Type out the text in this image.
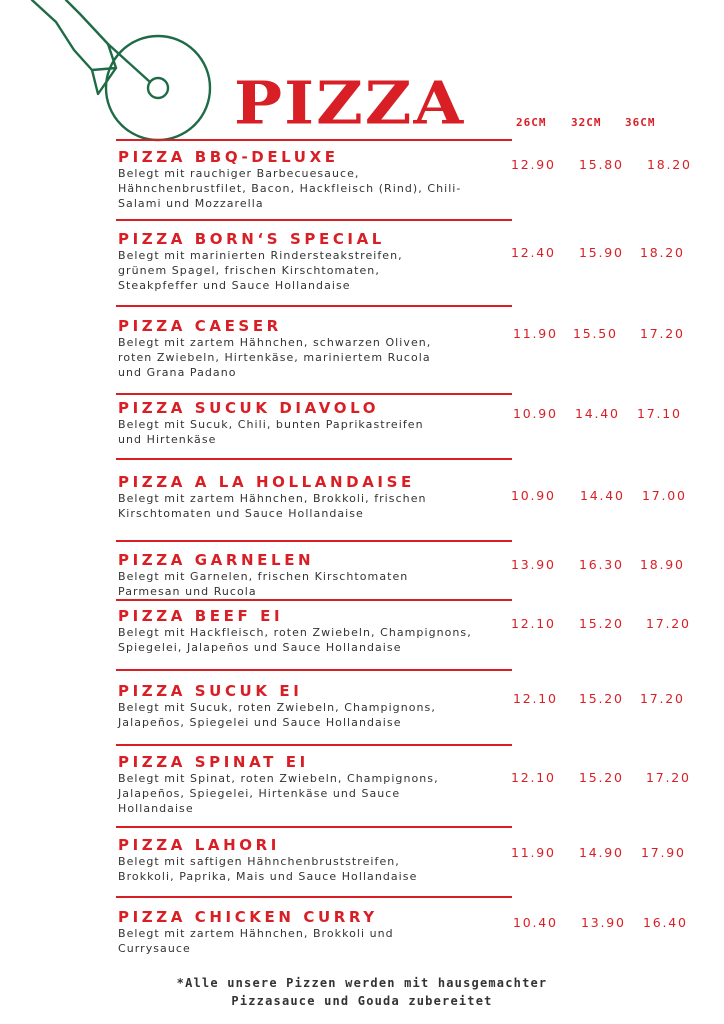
PIZZA	26CM 32CM 36CM
PIZZA BBQ-DELUXE
Belegt mit rauchiger Barbecuesauce,
Hähnchenbrustfilet, Bacon, Hackfleisch (Rind), Chili-
Salami und Mozzarella
12.90 15.80 18.20
PIZZA BORN‘S SPECIAL
Belegt mit marinierten Rindersteakstreifen,
grünem Spagel, frischen Kirschtomaten,
Steakpfeffer und Sauce Hollandaise
12.40 15.90 18.20
PIZZA CAESER
Belegt mit zartem Hähnchen, schwarzen Oliven,
roten Zwiebeln, Hirtenkäse, mariniertem Rucola
und Grana Padano
11.90 15.50 17.20
PIZZA SUCUK DIAVOLO
Belegt mit Sucuk, Chili, bunten Paprikastreifen
und Hirtenkäse
10.90 14.40 17.10
PIZZA A LA HOLLANDAISE
Belegt mit zartem Hähnchen, Brokkoli, frischen
Kirschtomaten und Sauce Hollandaise
10.90 14.40 17.00
PIZZA GARNELEN
Belegt mit Garnelen, frischen Kirschtomaten
Parmesan und Rucola
13.90 16.30 18.90
PIZZA BEEF EI
Belegt mit Hackfleisch, roten Zwiebeln, Champignons,
Spiegelei, Jalapeños und Sauce Hollandaise
12.10 15.20 17.20
PIZZA SUCUK EI
Belegt mit Sucuk, roten Zwiebeln, Champignons,
Jalapeños, Spiegelei und Sauce Hollandaise
12.10 15.20 17.20
PIZZA SPINAT EI
Belegt mit Spinat, roten Zwiebeln, Champignons,
Jalapeños, Spiegelei, Hirtenkäse und Sauce
Hollandaise
12.10 15.20 17.20
PIZZA LAHORI
Belegt mit saftigen Hähnchenbruststreifen,
Brokkoli, Paprika, Mais und Sauce Hollandaise
11.90 14.90 17.90
PIZZA CHICKEN CURRY
Belegt mit zartem Hähnchen, Brokkoli und
Currysauce
10.40 13.90 16.40
*Alle unsere Pizzen werden mit hausgemachter
Pizzasauce und Gouda zubereitet
